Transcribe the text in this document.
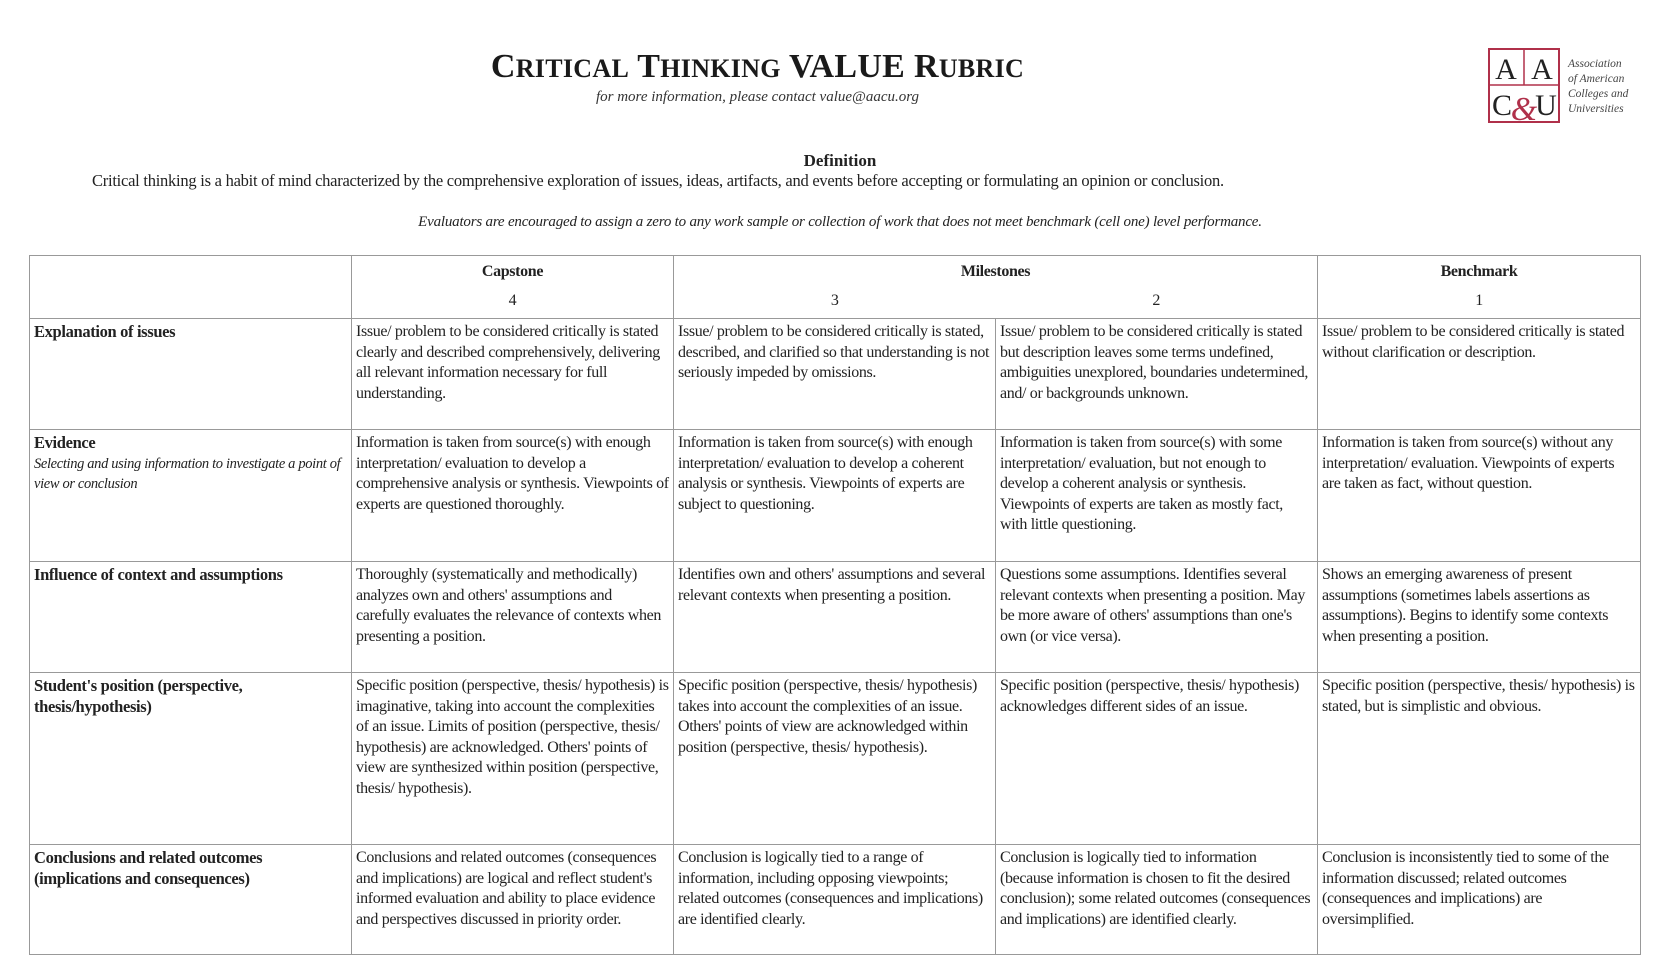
CRITICAL THINKING VALUE RUBRIC
for more information, please contact value@aacu.org
A A
C U
&
Association
of American
Colleges and
Universities
Definition
Critical thinking is a habit of mind characterized by the comprehensive exploration of issues, ideas, artifacts, and events before accepting or formulating an opinion or conclusion.
Evaluators are encouraged to assign a zero to any work sample or collection of work that does not meet benchmark (cell one) level performance.
	Capstone	Milestones		Benchmark
	4	3	2	1

Explanation of issues	Issue/ problem to be considered critically is stated clearly and described comprehensively, delivering all relevant information necessary for full understanding.	Issue/ problem to be considered critically is stated, described, and clarified so that understanding is not seriously impeded by omissions.	Issue/ problem to be considered critically is stated but description leaves some terms undefined, ambiguities unexplored, boundaries undetermined, and/ or backgrounds unknown.	Issue/ problem to be considered critically is stated without clarification or description.

Evidence
Selecting and using information to investigate a point of view or conclusion	Information is taken from source(s) with enough interpretation/ evaluation to develop a comprehensive analysis or synthesis. Viewpoints of experts are questioned thoroughly.	Information is taken from source(s) with enough interpretation/ evaluation to develop a coherent analysis or synthesis. Viewpoints of experts are subject to questioning.	Information is taken from source(s) with some interpretation/ evaluation, but not enough to develop a coherent analysis or synthesis. Viewpoints of experts are taken as mostly fact, with little questioning.	Information is taken from source(s) without any interpretation/ evaluation. Viewpoints of experts are taken as fact, without question.

Influence of context and assumptions	Thoroughly (systematically and methodically) analyzes own and others' assumptions and carefully evaluates the relevance of contexts when presenting a position.	Identifies own and others' assumptions and several relevant contexts when presenting a position.	Questions some assumptions. Identifies several relevant contexts when presenting a position. May be more aware of others' assumptions than one's own (or vice versa).	Shows an emerging awareness of present assumptions (sometimes labels assertions as assumptions). Begins to identify some contexts when presenting a position.

Student's position (perspective, thesis/hypothesis)	Specific position (perspective, thesis/ hypothesis) is imaginative, taking into account the complexities of an issue. Limits of position (perspective, thesis/ hypothesis) are acknowledged. Others' points of view are synthesized within position (perspective, thesis/ hypothesis).	Specific position (perspective, thesis/ hypothesis) takes into account the complexities of an issue. Others' points of view are acknowledged within position (perspective, thesis/ hypothesis).	Specific position (perspective, thesis/ hypothesis) acknowledges different sides of an issue.	Specific position (perspective, thesis/ hypothesis) is stated, but is simplistic and obvious.

Conclusions and related outcomes (implications and consequences)	Conclusions and related outcomes (consequences and implications) are logical and reflect student's informed evaluation and ability to place evidence and perspectives discussed in priority order.	Conclusion is logically tied to a range of information, including opposing viewpoints; related outcomes (consequences and implications) are identified clearly.	Conclusion is logically tied to information (because information is chosen to fit the desired conclusion); some related outcomes (consequences and implications) are identified clearly.	Conclusion is inconsistently tied to some of the information discussed; related outcomes (consequences and implications) are oversimplified.
